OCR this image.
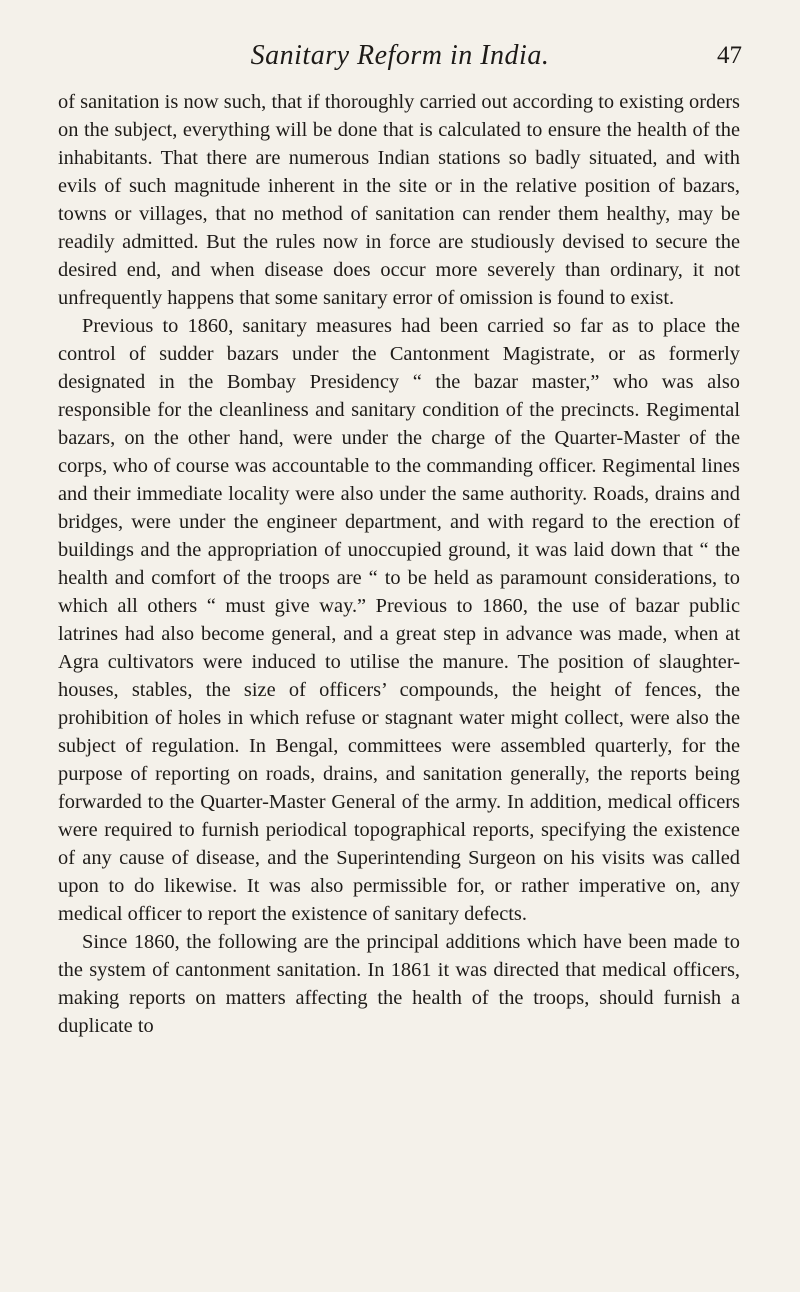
Sanitary Reform in India.	47

of sanitation is now such, that if thoroughly carried out according to existing orders on the subject, everything will be done that is calculated to ensure the health of the inhabitants. That there are numerous Indian stations so badly situated, and with evils of such magnitude inherent in the site or in the relative position of bazars, towns or villages, that no method of sanitation can render them healthy, may be readily admitted. But the rules now in force are studiously devised to secure the desired end, and when disease does occur more severely than ordinary, it not unfrequently happens that some sanitary error of omission is found to exist.

Previous to 1860, sanitary measures had been carried so far as to place the control of sudder bazars under the Cantonment Magistrate, or as formerly designated in the Bombay Presidency “ the bazar master,” who was also responsible for the cleanliness and sanitary condition of the precincts. Regimental bazars, on the other hand, were under the charge of the Quarter-Master of the corps, who of course was accountable to the commanding officer. Regimental lines and their immediate locality were also under the same authority. Roads, drains and bridges, were under the engineer department, and with regard to the erection of buildings and the appropriation of unoccupied ground, it was laid down that “ the health and comfort of the troops are “ to be held as paramount considerations, to which all others “ must give way.” Previous to 1860, the use of bazar public latrines had also become general, and a great step in advance was made, when at Agra cultivators were induced to utilise the manure. The position of slaughter-houses, stables, the size of officers’ compounds, the height of fences, the prohibition of holes in which refuse or stagnant water might collect, were also the subject of regulation. In Bengal, committees were assembled quarterly, for the purpose of reporting on roads, drains, and sanitation generally, the reports being forwarded to the Quarter-Master General of the army. In addition, medical officers were required to furnish periodical topographical reports, specifying the existence of any cause of disease, and the Superintending Surgeon on his visits was called upon to do likewise. It was also permissible for, or rather imperative on, any medical officer to report the existence of sanitary defects.

Since 1860, the following are the principal additions which have been made to the system of cantonment sanitation. In 1861 it was directed that medical officers, making reports on matters affecting the health of the troops, should furnish a duplicate to
